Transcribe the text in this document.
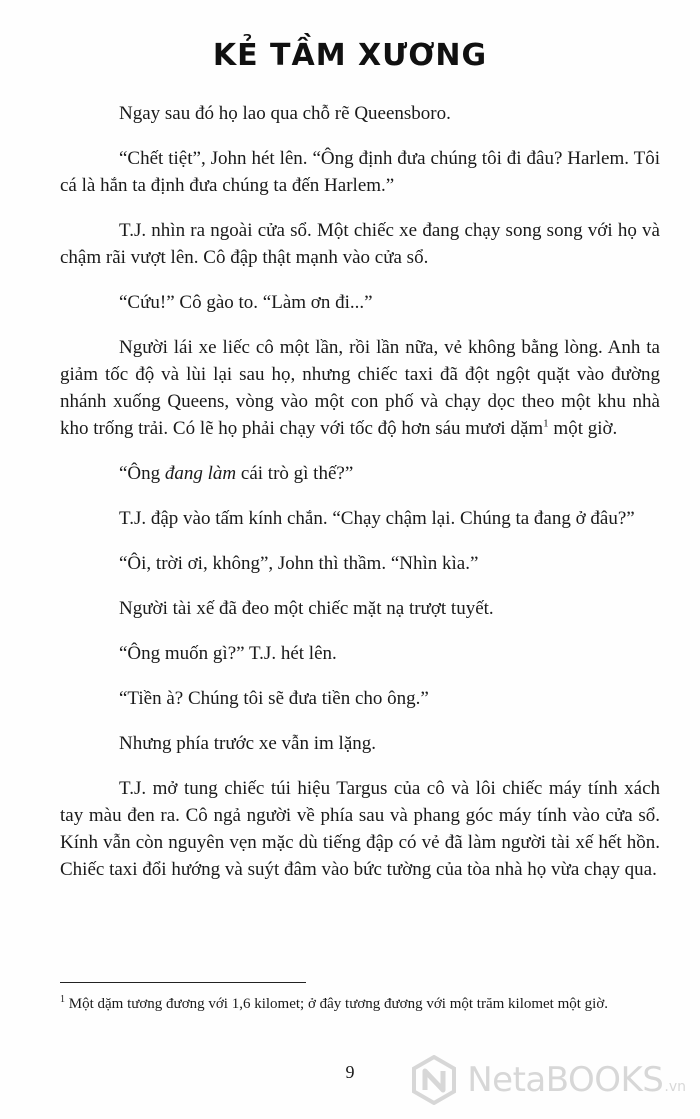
KẺ TẦM XƯƠNG

Ngay sau đó họ lao qua chỗ rẽ Queensboro.

“Chết tiệt”, John hét lên. “Ông định đưa chúng tôi đi đâu? Harlem. Tôi cá là hắn ta định đưa chúng ta đến Harlem.”

T.J. nhìn ra ngoài cửa sổ. Một chiếc xe đang chạy song song với họ và chậm rãi vượt lên. Cô đập thật mạnh vào cửa sổ.

“Cứu!” Cô gào to. “Làm ơn đi...”

Người lái xe liếc cô một lần, rồi lần nữa, vẻ không bằng lòng. Anh ta giảm tốc độ và lùi lại sau họ, nhưng chiếc taxi đã đột ngột quặt vào đường nhánh xuống Queens, vòng vào một con phố và chạy dọc theo một khu nhà kho trống trải. Có lẽ họ phải chạy với tốc độ hơn sáu mươi dặm$^1$ một giờ.

“Ông đang làm cái trò gì thế?”

T.J. đập vào tấm kính chắn. “Chạy chậm lại. Chúng ta đang ở đâu?”

“Ôi, trời ơi, không”, John thì thầm. “Nhìn kìa.”

Người tài xế đã đeo một chiếc mặt nạ trượt tuyết.

“Ông muốn gì?” T.J. hét lên.

“Tiền à? Chúng tôi sẽ đưa tiền cho ông.”

Nhưng phía trước xe vẫn im lặng.

T.J. mở tung chiếc túi hiệu Targus của cô và lôi chiếc máy tính xách tay màu đen ra. Cô ngả người về phía sau và phang góc máy tính vào cửa sổ. Kính vẫn còn nguyên vẹn mặc dù tiếng đập có vẻ đã làm người tài xế hết hồn. Chiếc taxi đổi hướng và suýt đâm vào bức tường của tòa nhà họ vừa chạy qua.

$^1$ Một dặm tương đương với 1,6 kilomet; ở đây tương đương với một trăm kilomet một giờ.
9	NetaBOOKS .vn
